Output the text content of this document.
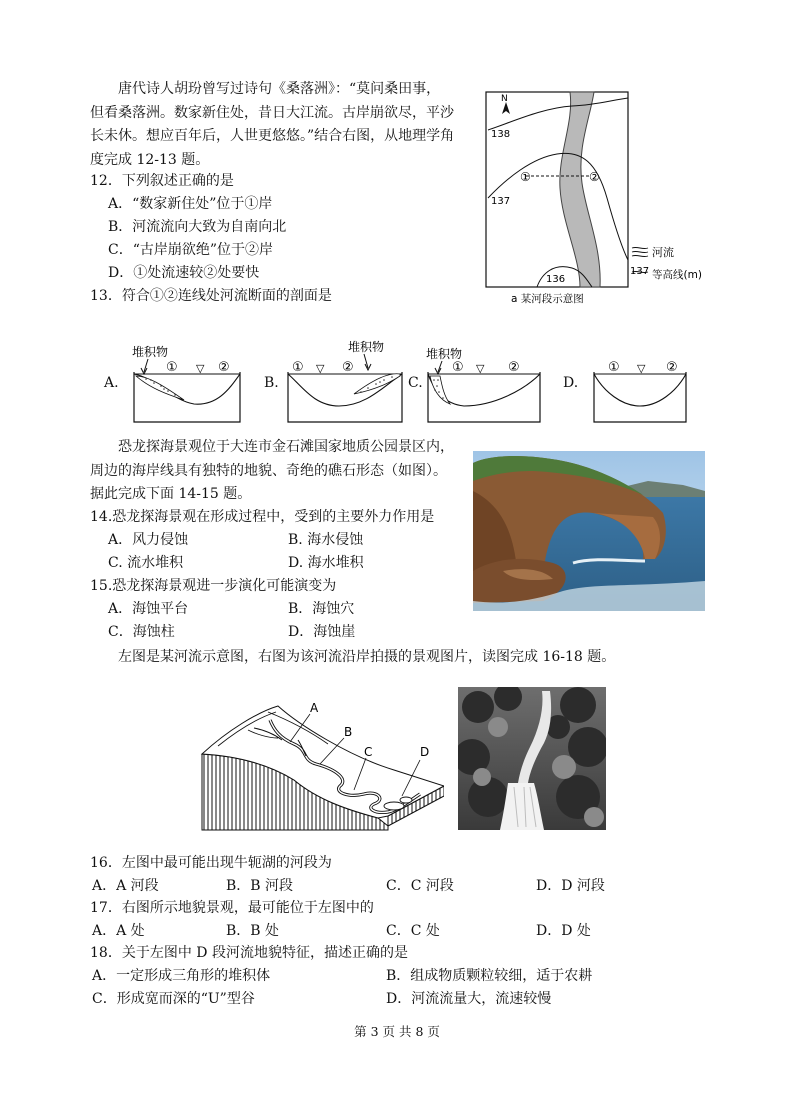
唐代诗人胡玢曾写过诗句《桑落洲》：“莫问桑田事，
但看桑落洲。数家新住处，昔日大江流。古岸崩欲尽，平沙
长未休。想应百年后，人世更悠悠。”结合右图，从地理学角
度完成 12-13 题。
12．下列叙述正确的是
A．“数家新住处”位于①岸
B．河流流向大致为自南向北
C．“古岸崩欲绝”位于②岸
D．①处流速较②处要快
13．符合①②连线处河流断面的剖面是
N
138
137
136
①	②
河流
137 等高线(m)
a 某河段示意图
A.
堆积物
① ▽ ②
B.
堆积物
① ▽ ②
C.
堆积物
① ▽ ②
D.
① ▽ ②
恐龙探海景观位于大连市金石滩国家地质公园景区内，
周边的海岸线具有独特的地貌、奇绝的礁石形态（如图）。
据此完成下面 14-15 题。
14.恐龙探海景观在形成过程中，受到的主要外力作用是
A．风力侵蚀	B. 海水侵蚀
C. 流水堆积	D. 海水堆积
15.恐龙探海景观进一步演化可能演变为
A．海蚀平台	B．海蚀穴
C．海蚀柱	D．海蚀崖
左图是某河流示意图，右图为该河流沿岸拍摄的景观图片，读图完成 16-18 题。
A
B
C	D
16．左图中最可能出现牛轭湖的河段为
A．A 河段	B．B 河段	C．C 河段	D．D 河段
17．右图所示地貌景观，最可能位于左图中的
A．A 处	B．B 处	C．C 处	D．D 处
18．关于左图中 D 段河流地貌特征，描述正确的是
A．一定形成三角形的堆积体	B．组成物质颗粒较细，适于农耕
C．形成宽而深的“U”型谷	D．河流流量大，流速较慢
第 3 页 共 8 页
